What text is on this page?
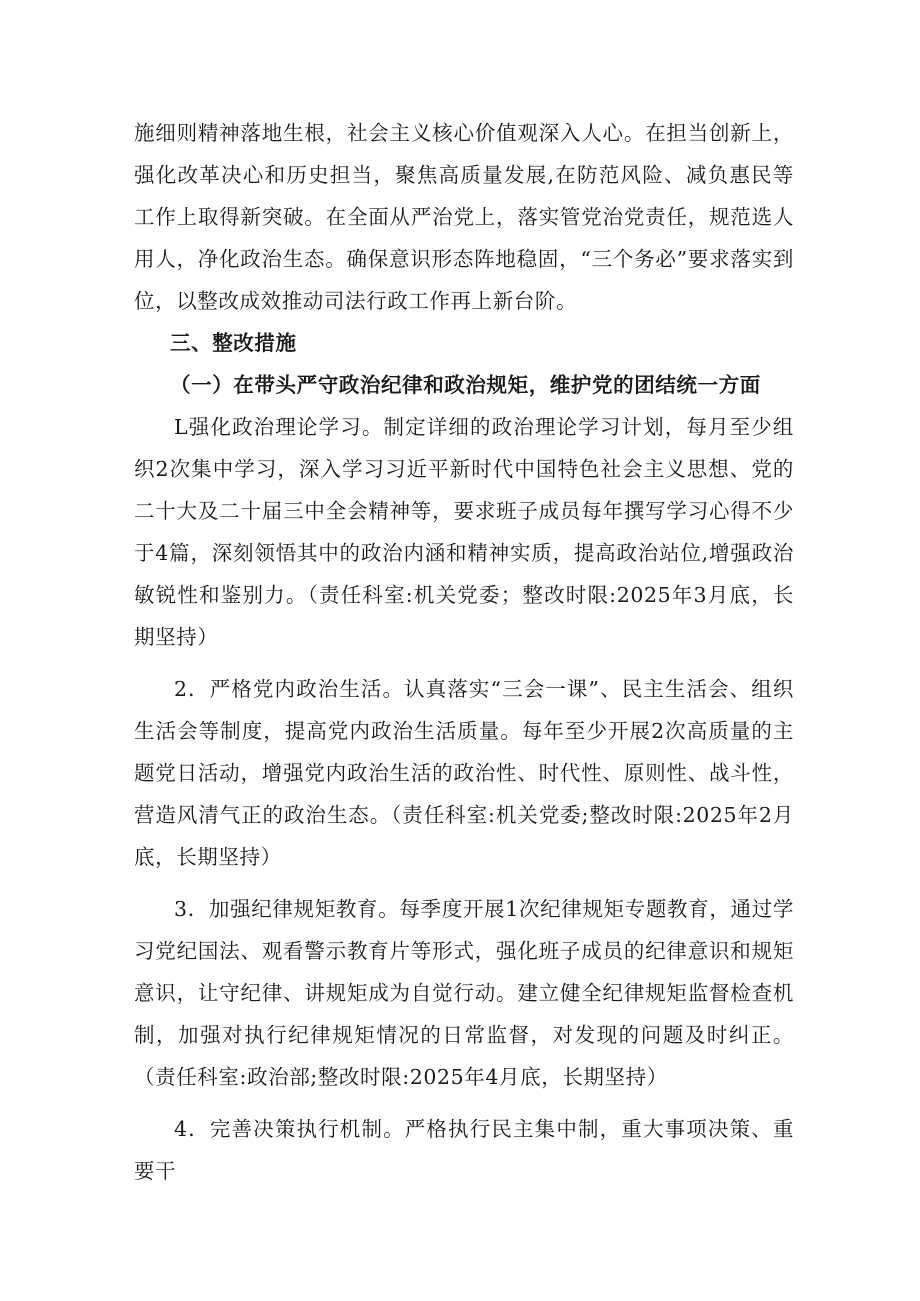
施细则精神落地生根，社会主义核心价值观深入人心。在担当创新上，强化改革决心和历史担当，聚焦高质量发展,在防范风险、减负惠民等工作上取得新突破。在全面从严治党上，落实管党治党责任，规范选人用人，净化政治生态。确保意识形态阵地稳固，“三个务必”要求落实到位，以整改成效推动司法行政工作再上新台阶。

三、整改措施

（一）在带头严守政治纪律和政治规矩，维护党的团结统一方面

L强化政治理论学习。制定详细的政治理论学习计划，每月至少组织2次集中学习，深入学习习近平新时代中国特色社会主义思想、党的二十大及二十届三中全会精神等，要求班子成员每年撰写学习心得不少于4篇，深刻领悟其中的政治内涵和精神实质，提高政治站位,增强政治敏锐性和鉴别力。（责任科室:机关党委；整改时限:2025年3月底，长期坚持）

2．严格党内政治生活。认真落实“三会一课”、民主生活会、组织生活会等制度，提高党内政治生活质量。每年至少开展2次高质量的主题党日活动，增强党内政治生活的政治性、时代性、原则性、战斗性，营造风清气正的政治生态。（责任科室:机关党委;整改时限:2025年2月底，长期坚持）

3．加强纪律规矩教育。每季度开展1次纪律规矩专题教育，通过学习党纪国法、观看警示教育片等形式，强化班子成员的纪律意识和规矩意识，让守纪律、讲规矩成为自觉行动。建立健全纪律规矩监督检查机制，加强对执行纪律规矩情况的日常监督，对发现的问题及时纠正。（责任科室:政治部;整改时限:2025年4月底，长期坚持）

4．完善决策执行机制。严格执行民主集中制，重大事项决策、重要干
